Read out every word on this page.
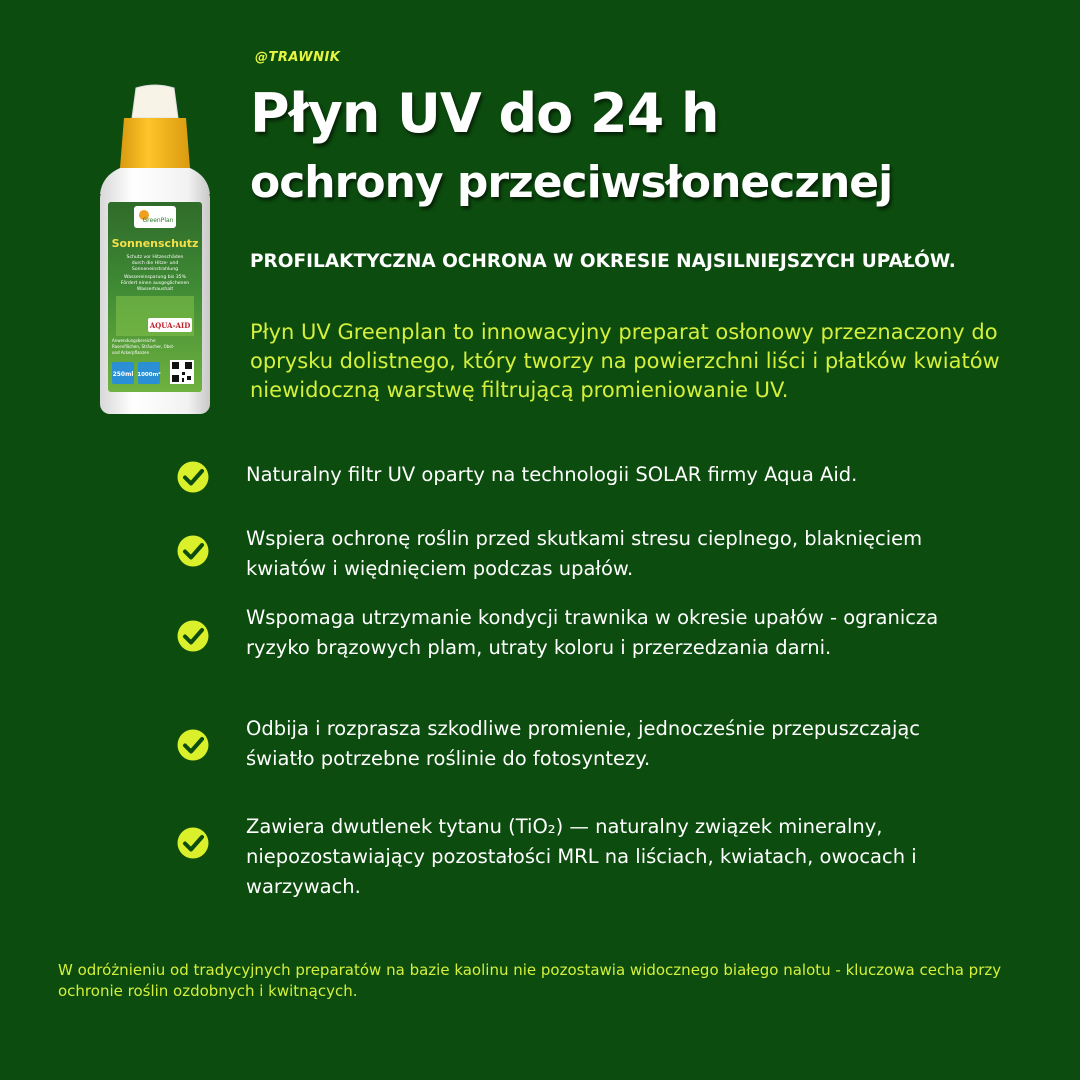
@TRAWNIK
Płyn UV do 24 h
ochrony przeciwsłonecznej
PROFILAKTYCZNA OCHRONA W OKRESIE NAJSILNIEJSZYCH UPAŁÓW.
Płyn UV Greenplan to innowacyjny preparat osłonowy przeznaczony do oprysku dolistnego, który tworzy na powierzchni liści i płatków kwiatów niewidoczną warstwę filtrującą promieniowanie UV.
GreenPlan
Sonnenschutz
Schutz vor Hitzeschäden
durch die Hitze- und
Sonneneinstrahlung
Wassereinsparung bis 35%
Fördert einen ausgeglichenen
Wasserhaushalt
AQUA-AID
Anwendungsbereiche:
Rasenflächen, Sträucher, Obst-
und Ackerpflanzen
250ml 1000m²
Naturalny filtr UV oparty na technologii SOLAR firmy Aqua Aid.
Wspiera ochronę roślin przed skutkami stresu cieplnego, blaknięciem kwiatów i więdnięciem podczas upałów.
Wspomaga utrzymanie kondycji trawnika w okresie upałów - ogranicza ryzyko brązowych plam, utraty koloru i przerzedzania darni.
Odbija i rozprasza szkodliwe promienie, jednocześnie przepuszczając światło potrzebne roślinie do fotosyntezy.
Zawiera dwutlenek tytanu (TiO₂) — naturalny związek mineralny, niepozostawiający pozostałości MRL na liściach, kwiatach, owocach i warzywach.
W odróżnieniu od tradycyjnych preparatów na bazie kaolinu nie pozostawia widocznego białego nalotu - kluczowa cecha przy ochronie roślin ozdobnych i kwitnących.
